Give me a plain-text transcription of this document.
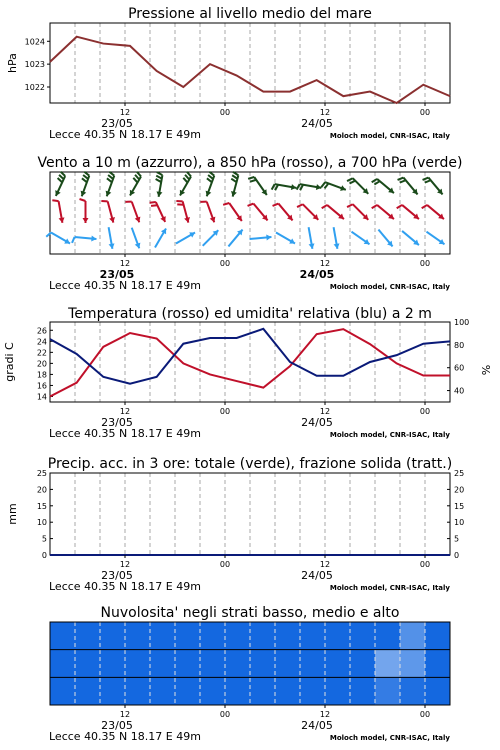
Pressione al livello medio del mare
1022
1023
1024
hPa
12	00	12	00
23/05	24/05
Lecce 40.35 N 18.17 E 49m	Moloch model, CNR-ISAC, Italy
Vento a 10 m (azzurro), a 850 hPa (rosso), a 700 hPa (verde)
12	00	12	00
23/05	24/05
Lecce 40.35 N 18.17 E 49m	Moloch model, CNR-ISAC, Italy
Temperatura (rosso) ed umidita' relativa (blu) a 2 m
14
16
18
20
22
24
26
40
60
80
100
gradi C	%
12	00	12	00
23/05	24/05
Lecce 40.35 N 18.17 E 49m	Moloch model, CNR-ISAC, Italy
Precip. acc. in 3 ore: totale (verde), frazione solida (tratt.)
0	0
5	5
10	10
15	15
20	20
25	25
mm
12	00	12	00
23/05	24/05
Lecce 40.35 N 18.17 E 49m	Moloch model, CNR-ISAC, Italy
Nuvolosita' negli strati basso, medio e alto
12	00	12	00
23/05	24/05
Lecce 40.35 N 18.17 E 49m	Moloch model, CNR-ISAC, Italy
